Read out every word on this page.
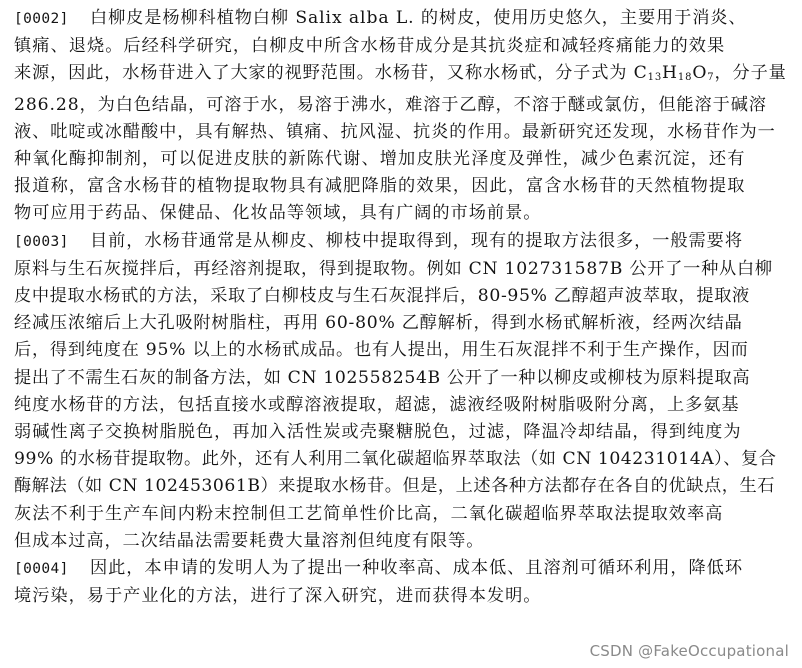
[0002] 白柳皮是杨柳科植物白柳 Salix alba L. 的树皮，使用历史悠久，主要用于消炎、
镇痛、退烧。后经科学研究，白柳皮中所含水杨苷成分是其抗炎症和减轻疼痛能力的效果
来源，因此，水杨苷进入了大家的视野范围。水杨苷，又称水杨甙，分子式为 C13H18O7，分子量
286.28，为白色结晶，可溶于水，易溶于沸水，难溶于乙醇，不溶于醚或氯仿，但能溶于碱溶
液、吡啶或冰醋酸中，具有解热、镇痛、抗风湿、抗炎的作用。最新研究还发现，水杨苷作为一
种氧化酶抑制剂，可以促进皮肤的新陈代谢、增加皮肤光泽度及弹性，减少色素沉淀，还有
报道称，富含水杨苷的植物提取物具有减肥降脂的效果，因此，富含水杨苷的天然植物提取
物可应用于药品、保健品、化妆品等领域，具有广阔的市场前景。
[0003] 目前，水杨苷通常是从柳皮、柳枝中提取得到，现有的提取方法很多，一般需要将
原料与生石灰搅拌后，再经溶剂提取，得到提取物。例如 CN 102731587B 公开了一种从白柳
皮中提取水杨甙的方法，采取了白柳枝皮与生石灰混拌后，80-95% 乙醇超声波萃取，提取液
经减压浓缩后上大孔吸附树脂柱，再用 60-80% 乙醇解析，得到水杨甙解析液，经两次结晶
后，得到纯度在 95% 以上的水杨甙成品。也有人提出，用生石灰混拌不利于生产操作，因而
提出了不需生石灰的制备方法，如 CN 102558254B 公开了一种以柳皮或柳枝为原料提取高
纯度水杨苷的方法，包括直接水或醇溶液提取，超滤，滤液经吸附树脂吸附分离，上多氨基
弱碱性离子交换树脂脱色，再加入活性炭或壳聚糖脱色，过滤，降温冷却结晶，得到纯度为
99% 的水杨苷提取物。此外，还有人利用二氧化碳超临界萃取法（如 CN 104231014A）、复合
酶解法（如 CN 102453061B）来提取水杨苷。但是，上述各种方法都存在各自的优缺点，生石
灰法不利于生产车间内粉末控制但工艺简单性价比高，二氧化碳超临界萃取法提取效率高
但成本过高，二次结晶法需要耗费大量溶剂但纯度有限等。
[0004] 因此，本申请的发明人为了提出一种收率高、成本低、且溶剂可循环利用，降低环
境污染，易于产业化的方法，进行了深入研究，进而获得本发明。
CSDN @FakeOccupational
